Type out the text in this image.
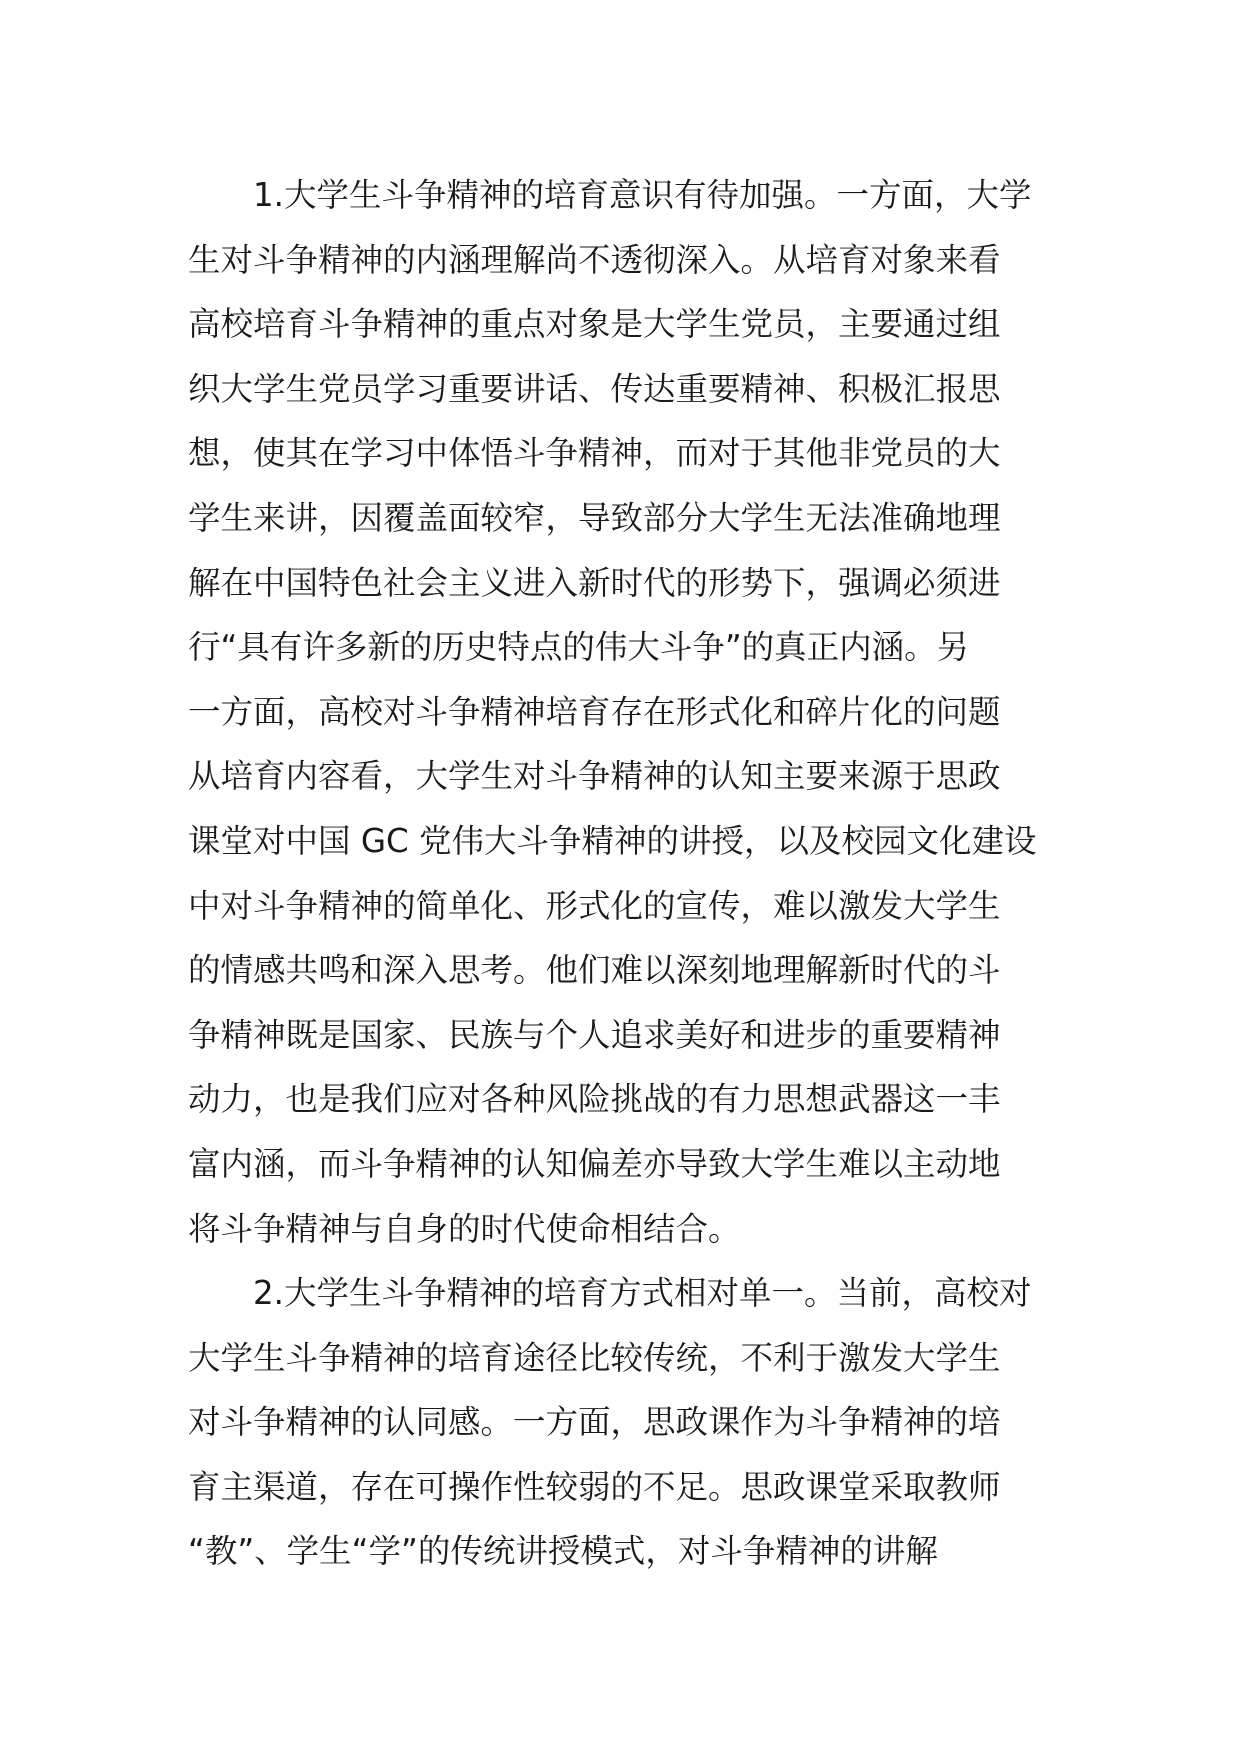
1.大学生斗争精神的培育意识有待加强。一方面，大学
生对斗争精神的内涵理解尚不透彻深入。从培育对象来看
高校培育斗争精神的重点对象是大学生党员，主要通过组
织大学生党员学习重要讲话、传达重要精神、积极汇报思
想，使其在学习中体悟斗争精神，而对于其他非党员的大
学生来讲，因覆盖面较窄，导致部分大学生无法准确地理
解在中国特色社会主义进入新时代的形势下，强调必须进
行“具有许多新的历史特点的伟大斗争”的真正内涵。另
一方面，高校对斗争精神培育存在形式化和碎片化的问题
从培育内容看，大学生对斗争精神的认知主要来源于思政
课堂对中国 GC 党伟大斗争精神的讲授，以及校园文化建设
中对斗争精神的简单化、形式化的宣传，难以激发大学生
的情感共鸣和深入思考。他们难以深刻地理解新时代的斗
争精神既是国家、民族与个人追求美好和进步的重要精神
动力，也是我们应对各种风险挑战的有力思想武器这一丰
富内涵，而斗争精神的认知偏差亦导致大学生难以主动地
将斗争精神与自身的时代使命相结合。
2.大学生斗争精神的培育方式相对单一。当前，高校对
大学生斗争精神的培育途径比较传统，不利于激发大学生
对斗争精神的认同感。一方面，思政课作为斗争精神的培
育主渠道，存在可操作性较弱的不足。思政课堂采取教师
“教”、学生“学”的传统讲授模式，对斗争精神的讲解
